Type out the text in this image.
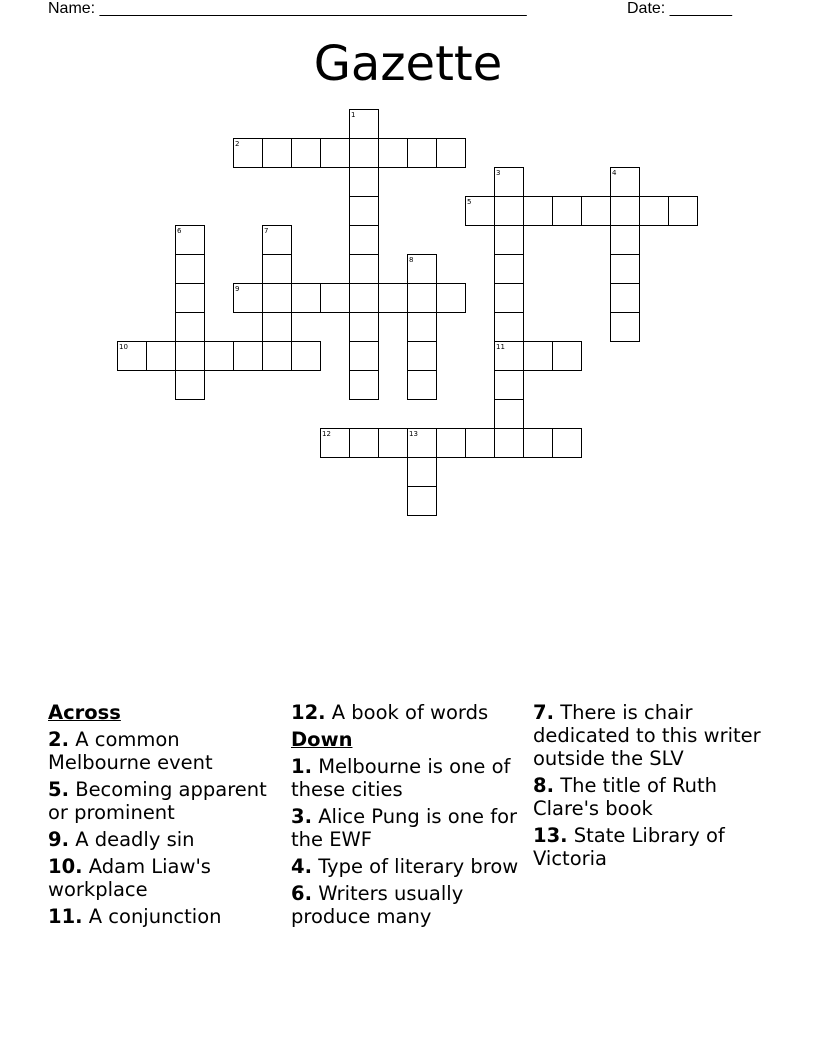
Name: ________________________________________________	Date: _______
Gazette
2
5
9
10	11
12
1
3	4
6	7
8
13
Across
2. A common Melbourne event
5. Becoming apparent or prominent
9. A deadly sin
10. Adam Liaw's workplace
11. A conjunction
12. A book of words
Down
1. Melbourne is one of these cities
3. Alice Pung is one for the EWF
4. Type of literary brow
6. Writers usually produce many
7. There is chair dedicated to this writer outside the SLV
8. The title of Ruth Clare's book
13. State Library of Victoria
